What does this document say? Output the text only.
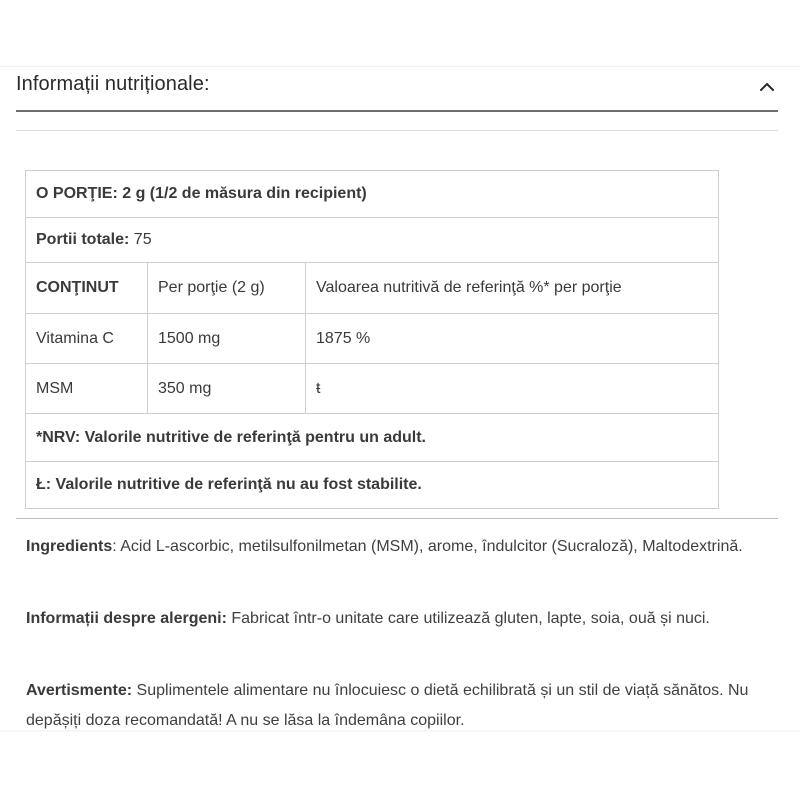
Informații nutriționale:
O PORŢIE: 2 g (1/2 de măsura din recipient)		
Portii totale: 75		
CONŢINUT	Per porţie (2 g)	Valoarea nutritivă de referinţă %* per porţie
Vitamina C	1500 mg	1875 %
MSM	350 mg	ŧ
*NRV: Valorile nutritive de referinţă pentru un adult.		
Ł: Valorile nutritive de referinţă nu au fost stabilite.		

Ingredients: Acid L-ascorbic, metilsulfonilmetan (MSM), arome, îndulcitor (Sucraloză), Maltodextrină.

Informații despre alergeni: Fabricat într-o unitate care utilizează gluten, lapte, soia, ouă și nuci.

Avertismente: Suplimentele alimentare nu înlocuiesc o dietă echilibrată și un stil de viață sănătos. Nu depășiți doza recomandată! A nu se lăsa la îndemâna copiilor.
